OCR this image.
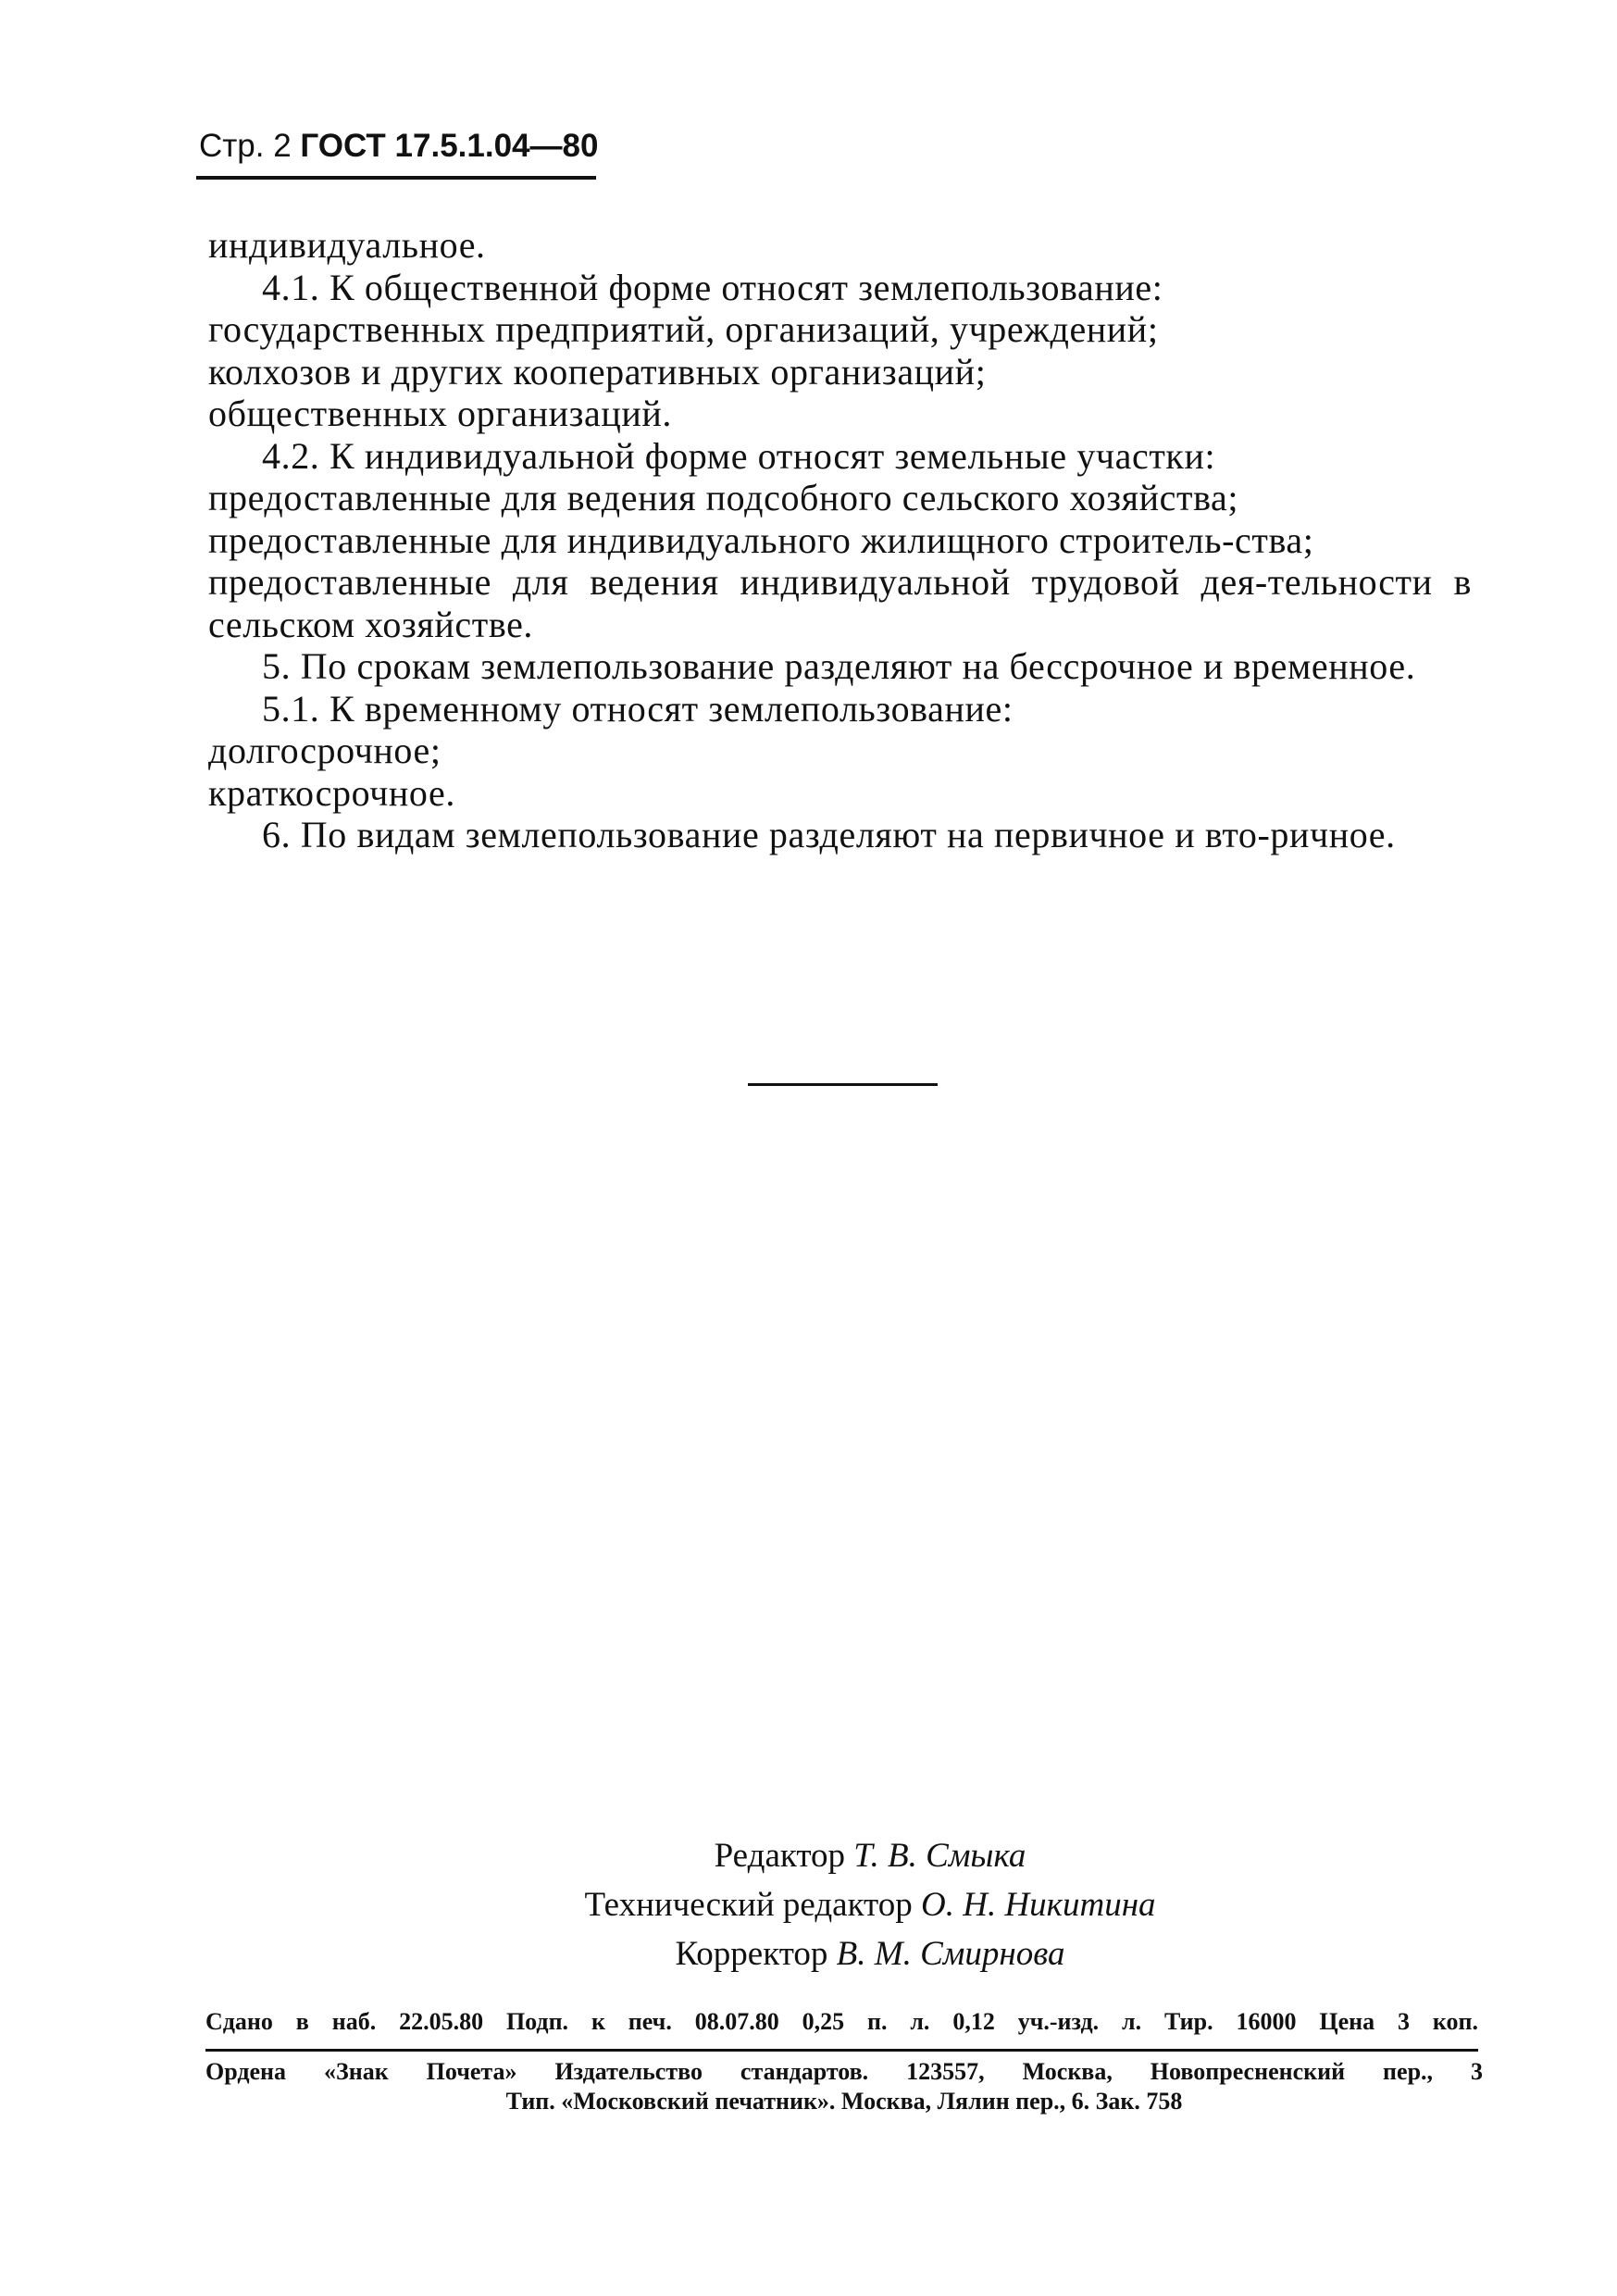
Стр. 2 ГОСТ 17.5.1.04—80

индивидуальное.

4.1. К общественной форме относят землепользование:

государственных предприятий, организаций, учреждений;

колхозов и других кооперативных организаций;

общественных организаций.

4.2. К индивидуальной форме относят земельные участки:

предоставленные для ведения подсобного сельского хозяйства;

предоставленные для индивидуального жилищного строитель-ства;

предоставленные для ведения индивидуальной трудовой дея-тельности в сельском хозяйстве.

5. По срокам землепользование разделяют на бессрочное и временное.

5.1. К временному относят землепользование:

долгосрочное;

краткосрочное.

6. По видам землепользование разделяют на первичное и вто-ричное.

Редактор Т. В. Смыка
Технический редактор О. Н. Никитина
Корректор В. М. Смирнова
Сдано в наб. 22.05.80 Подп. к печ. 08.07.80 0,25 п. л. 0,12 уч.-изд. л. Тир. 16000 Цена 3 коп.
Ордена «Знак Почета» Издательство стандартов. 123557, Москва, Новопресненский пер., 3
Тип. «Московский печатник». Москва, Лялин пер., 6. Зак. 758
